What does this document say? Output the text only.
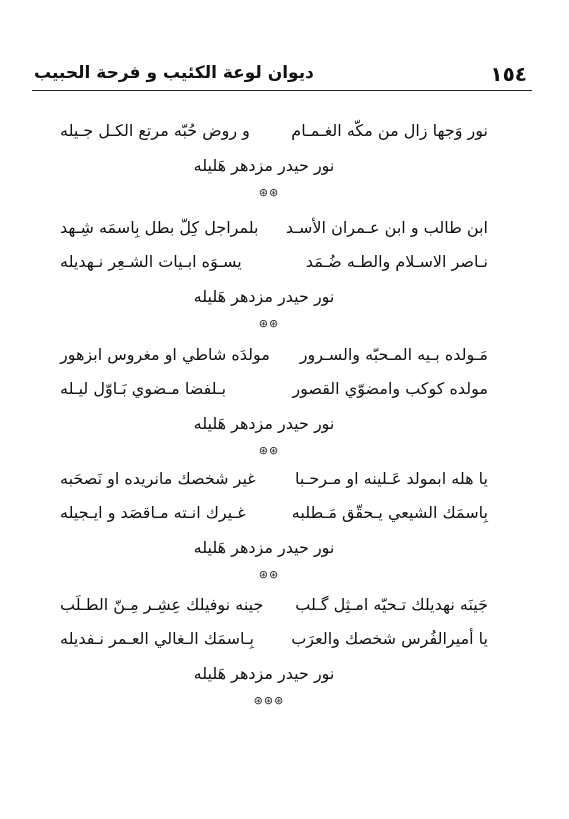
١٥٤
ديوان لوعة الكئيب و فرحة الحبيب
نور وَجها زال من مكّه الغـمـام
و روض حُبّه مرتع الكـل جـيله
نور حيدر مزدهر هَليله
⊛⊛
ابن طالب و ابن عـمران الأسـد
بلمراجل كِلّ بطل بِاسمَه شِـهد
نـاصر الاسـلام والطـه ضُـمَد
يسـوَه ابـيات الشـعِر نـهديله
نور حيدر مزدهر هَليله
⊛⊛
مَـولده بـيه المـحبّه والسـرور
مولدَه شاطي او مغروس ابزهور
مولده كوكب وامضوّي القصور
بـلفضا مـضوي بَـاوّل ليـله
نور حيدر مزدهر هَليله
⊛⊛
يا هله ابمولد عَـلينه او مـرحـبا
غير شخصك مانريده او نَصحَبه
بِاسمَك الشيعي يـحقّق مَـطلبه
غـيرك انـته مـاقصَد و ايـجيله
نور حيدر مزدهر هَليله
⊛⊛
جَينَه نهديلك تـحيّه امـثِل گـلب
جينه نوفيلك عِشِـر مِـنّ الطـلَب
يا أميرالفُرس شخصك والعرَب
بِـاسمَك الـغالي العـمر نـفديله
نور حيدر مزدهر هَليله
⊛⊛⊛
